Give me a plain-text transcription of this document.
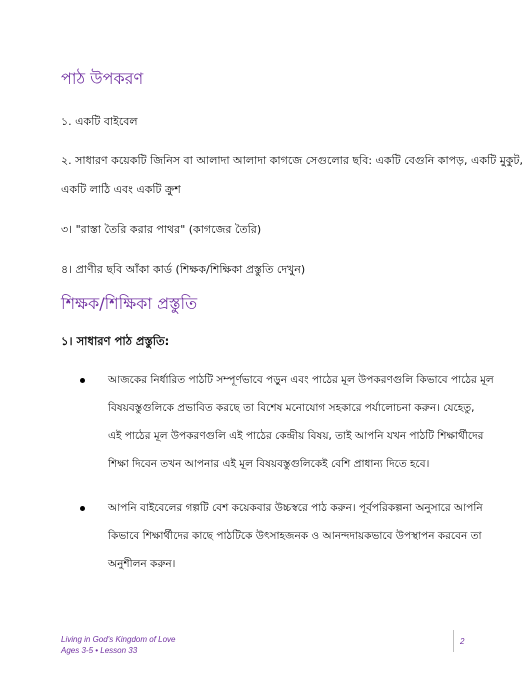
পাঠ উপকরণ

১. একটি বাইবেল

২. সাধারণ কয়েকটি জিনিস বা আলাদা আলাদা কাগজে সেগুলোর ছবি: একটি বেগুনি কাপড়, একটি মুকুট,

একটি লাঠি এবং একটি ক্রুশ

৩। "রাস্তা তৈরি করার পাথর" (কাগজের তৈরি)

৪। প্রাণীর ছবি আঁকা কার্ড (শিক্ষক/শিক্ষিকা প্রস্তুতি দেখুন)

শিক্ষক/শিক্ষিকা প্রস্তুতি

১। সাধারণ পাঠ প্রস্তুতি:

আজকের নির্ধারিত পাঠটি সম্পূর্ণভাবে পড়ুন এবং পাঠের মূল উপকরণগুলি কিভাবে পাঠের মূল
বিষয়বস্তুগুলিকে প্রভাবিত করছে তা বিশেষ মনোযোগ সহকারে পর্যালোচনা করুন। যেহেতু,
এই পাঠের মূল উপকরণগুলি এই পাঠের কেন্দ্রীয় বিষয়, তাই আপনি যখন পাঠটি শিক্ষার্থীদের
শিক্ষা দিবেন তখন আপনার এই মূল বিষয়বস্তুগুলিকেই বেশি প্রাধান্য দিতে হবে।
আপনি বাইবেলের গল্পটি বেশ কয়েকবার উচ্চস্বরে পাঠ করুন। পূর্বপরিকল্পনা অনুসারে আপনি
কিভাবে শিক্ষার্থীদের কাছে পাঠটিকে উৎসাহজনক ও আনন্দদায়কভাবে উপস্থাপন করবেন তা
অনুশীলন করুন।
Living in God's Kingdom of Love
Ages 3-5 • Lesson 33
2
